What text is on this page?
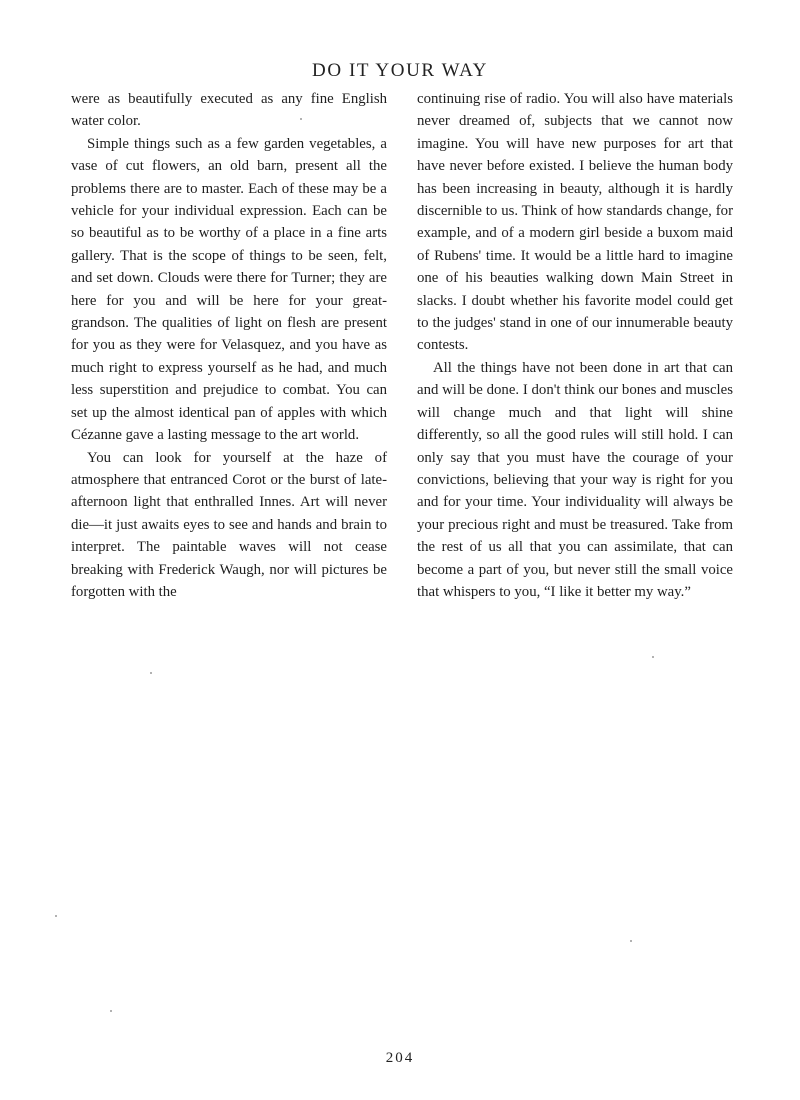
DO IT YOUR WAY

were as beautifully executed as any fine English water color.

Simple things such as a few garden vegetables, a vase of cut flowers, an old barn, present all the problems there are to master. Each of these may be a vehicle for your individual expression. Each can be so beautiful as to be worthy of a place in a fine arts gallery. That is the scope of things to be seen, felt, and set down. Clouds were there for Turner; they are here for you and will be here for your great-grandson. The qualities of light on flesh are present for you as they were for Velasquez, and you have as much right to express yourself as he had, and much less superstition and prejudice to combat. You can set up the almost identical pan of apples with which Cézanne gave a lasting message to the art world.

You can look for yourself at the haze of atmosphere that entranced Corot or the burst of late-afternoon light that enthralled Innes. Art will never die—it just awaits eyes to see and hands and brain to interpret. The paintable waves will not cease breaking with Frederick Waugh, nor will pictures be forgotten with the

continuing rise of radio. You will also have materials never dreamed of, subjects that we cannot now imagine. You will have new purposes for art that have never before existed. I believe the human body has been increasing in beauty, although it is hardly discernible to us. Think of how standards change, for example, and of a modern girl beside a buxom maid of Rubens' time. It would be a little hard to imagine one of his beauties walking down Main Street in slacks. I doubt whether his favorite model could get to the judges' stand in one of our innumerable beauty contests.

All the things have not been done in art that can and will be done. I don't think our bones and muscles will change much and that light will shine differently, so all the good rules will still hold. I can only say that you must have the courage of your convictions, believing that your way is right for you and for your time. Your individuality will always be your precious right and must be treasured. Take from the rest of us all that you can assimilate, that can become a part of you, but never still the small voice that whispers to you, “I like it better my way.”

204
